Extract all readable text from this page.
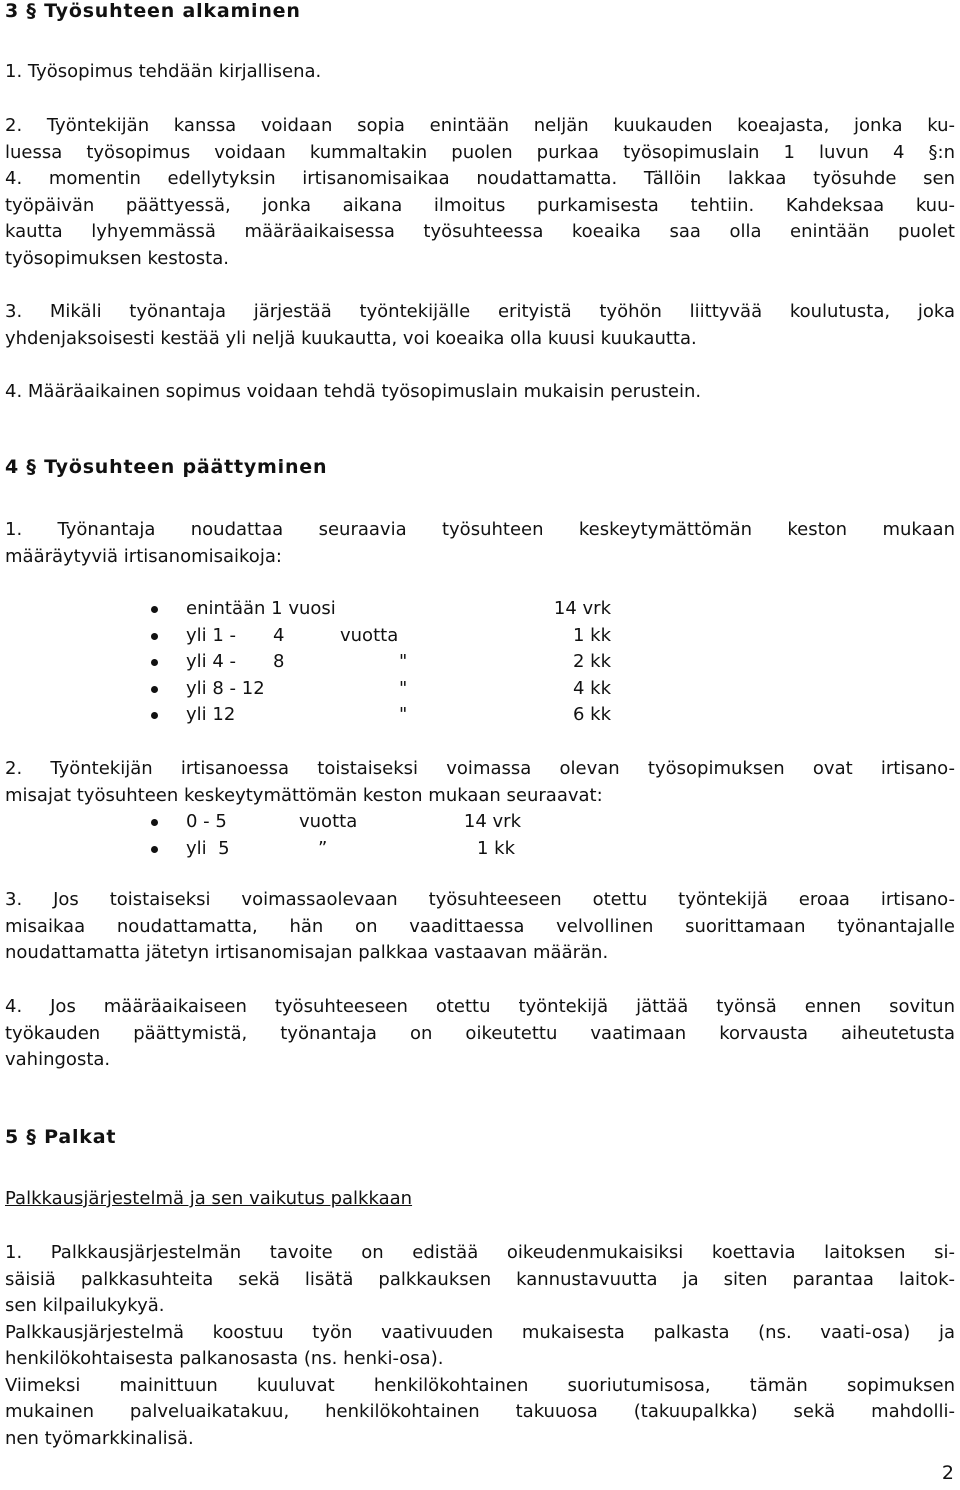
3 § Työsuhteen alkaminen
1. Työsopimus tehdään kirjallisena.
2. Työntekijän kanssa voidaan sopia enintään neljän kuukauden koeajasta, jonka ku-
luessa työsopimus voidaan kummaltakin puolen purkaa työsopimuslain 1 luvun 4 §:n
4. momentin edellytyksin irtisanomisaikaa noudattamatta. Tällöin lakkaa työsuhde sen
työpäivän päättyessä, jonka aikana ilmoitus purkamisesta tehtiin. Kahdeksaa kuu-
kautta lyhyemmässä määräaikaisessa työsuhteessa koeaika saa olla enintään puolet
työsopimuksen kestosta.
3. Mikäli työnantaja järjestää työntekijälle erityistä työhön liittyvää koulutusta, joka
yhdenjaksoisesti kestää yli neljä kuukautta, voi koeaika olla kuusi kuukautta.
4. Määräaikainen sopimus voidaan tehdä työsopimuslain mukaisin perustein.
4 § Työsuhteen päättyminen
1. Työnantaja noudattaa seuraavia työsuhteen keskeytymättömän keston mukaan
määräytyviä irtisanomisaikoja:
enintään 1 vuosi	14 vrk
yli 1 - 4	vuotta	1 kk
yli 4 - 8	"	2 kk
yli 8 - 12	"	4 kk
yli 12	"	6 kk
2. Työntekijän irtisanoessa toistaiseksi voimassa olevan työsopimuksen ovat irtisano-
misajat työsuhteen keskeytymättömän keston mukaan seuraavat:
0 - 5	vuotta	14 vrk
yli  5	”	1 kk
3. Jos toistaiseksi voimassaolevaan työsuhteeseen otettu työntekijä eroaa irtisano-
misaikaa noudattamatta, hän on vaadittaessa velvollinen suorittamaan työnantajalle
noudattamatta jätetyn irtisanomisajan palkkaa vastaavan määrän.
4. Jos määräaikaiseen työsuhteeseen otettu työntekijä jättää työnsä ennen sovitun
työkauden päättymistä, työnantaja on oikeutettu vaatimaan korvausta aiheutetusta
vahingosta.
5 § Palkat
Palkkausjärjestelmä ja sen vaikutus palkkaan
1. Palkkausjärjestelmän tavoite on edistää oikeudenmukaisiksi koettavia laitoksen si-
säisiä palkkasuhteita sekä lisätä palkkauksen kannustavuutta ja siten parantaa laitok-
sen kilpailukykyä.
Palkkausjärjestelmä koostuu työn vaativuuden mukaisesta palkasta (ns. vaati-osa) ja
henkilökohtaisesta palkanosasta (ns. henki-osa).
Viimeksi mainittuun kuuluvat henkilökohtainen suoriutumisosa, tämän sopimuksen
mukainen palveluaikatakuu, henkilökohtainen takuuosa (takuupalkka) sekä mahdolli-
nen työmarkkinalisä.
2
